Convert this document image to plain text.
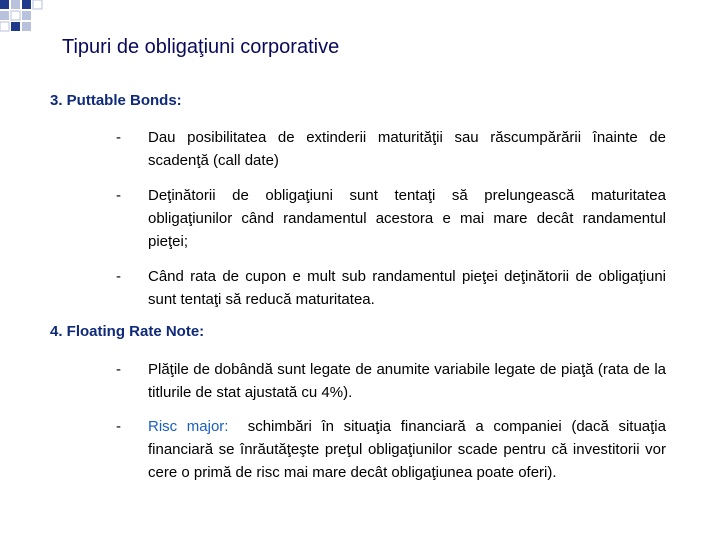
Tipuri de obligaţiuni corporative
3. Puttable Bonds:
- Dau posibilitatea de extinderii maturităţii sau răscumpărării înainte de scadenţă (call date)
- Deţinătorii de obligaţiuni sunt tentaţi să prelungească maturitatea obligaţiunilor când randamentul acestora e mai mare decât randamentul pieţei;
- Când rata de cupon e mult sub randamentul pieţei deţinătorii de obligaţiuni sunt tentaţi să reducă maturitatea.
4. Floating Rate Note:
- Plăţile de dobândă sunt legate de anumite variabile legate de piaţă (rata de la titlurile de stat ajustată cu 4%).
- Risc major: schimbări în situaţia financiară a companiei (dacă situaţia financiară se înrăutăţeşte preţul obligaţiunilor scade pentru că investitorii vor cere o primă de risc mai mare decât obligaţiunea poate oferi).
